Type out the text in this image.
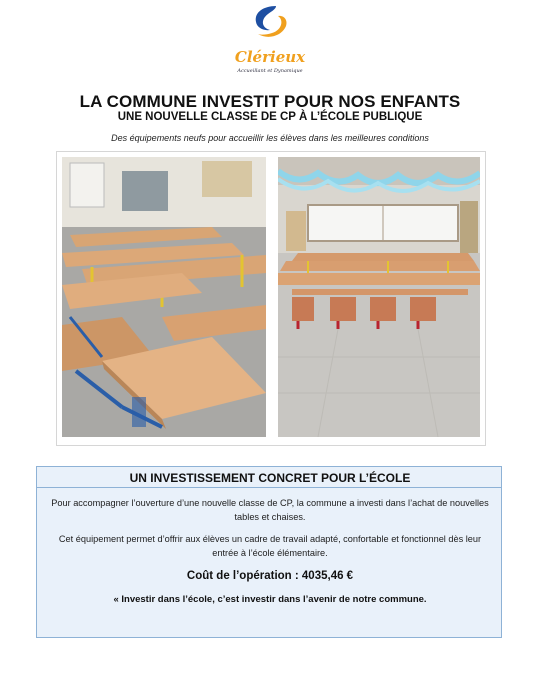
Clérieux
Accueillant et Dynamique
LA COMMUNE INVESTIT POUR NOS ENFANTS
UNE NOUVELLE CLASSE DE CP À L’ÉCOLE PUBLIQUE
Des équipements neufs pour accueillir les élèves dans les meilleures conditions
UN INVESTISSEMENT CONCRET POUR L’ÉCOLE
Pour accompagner l’ouverture d’une nouvelle classe de CP, la commune a investi dans l’achat de nouvelles tables et chaises.
Cet équipement permet d’offrir aux élèves un cadre de travail adapté, confortable et fonctionnel dès leur entrée à l’école élémentaire.
Coût de l’opération : 4035,46 €
« Investir dans l’école, c’est investir dans l’avenir de notre commune.
